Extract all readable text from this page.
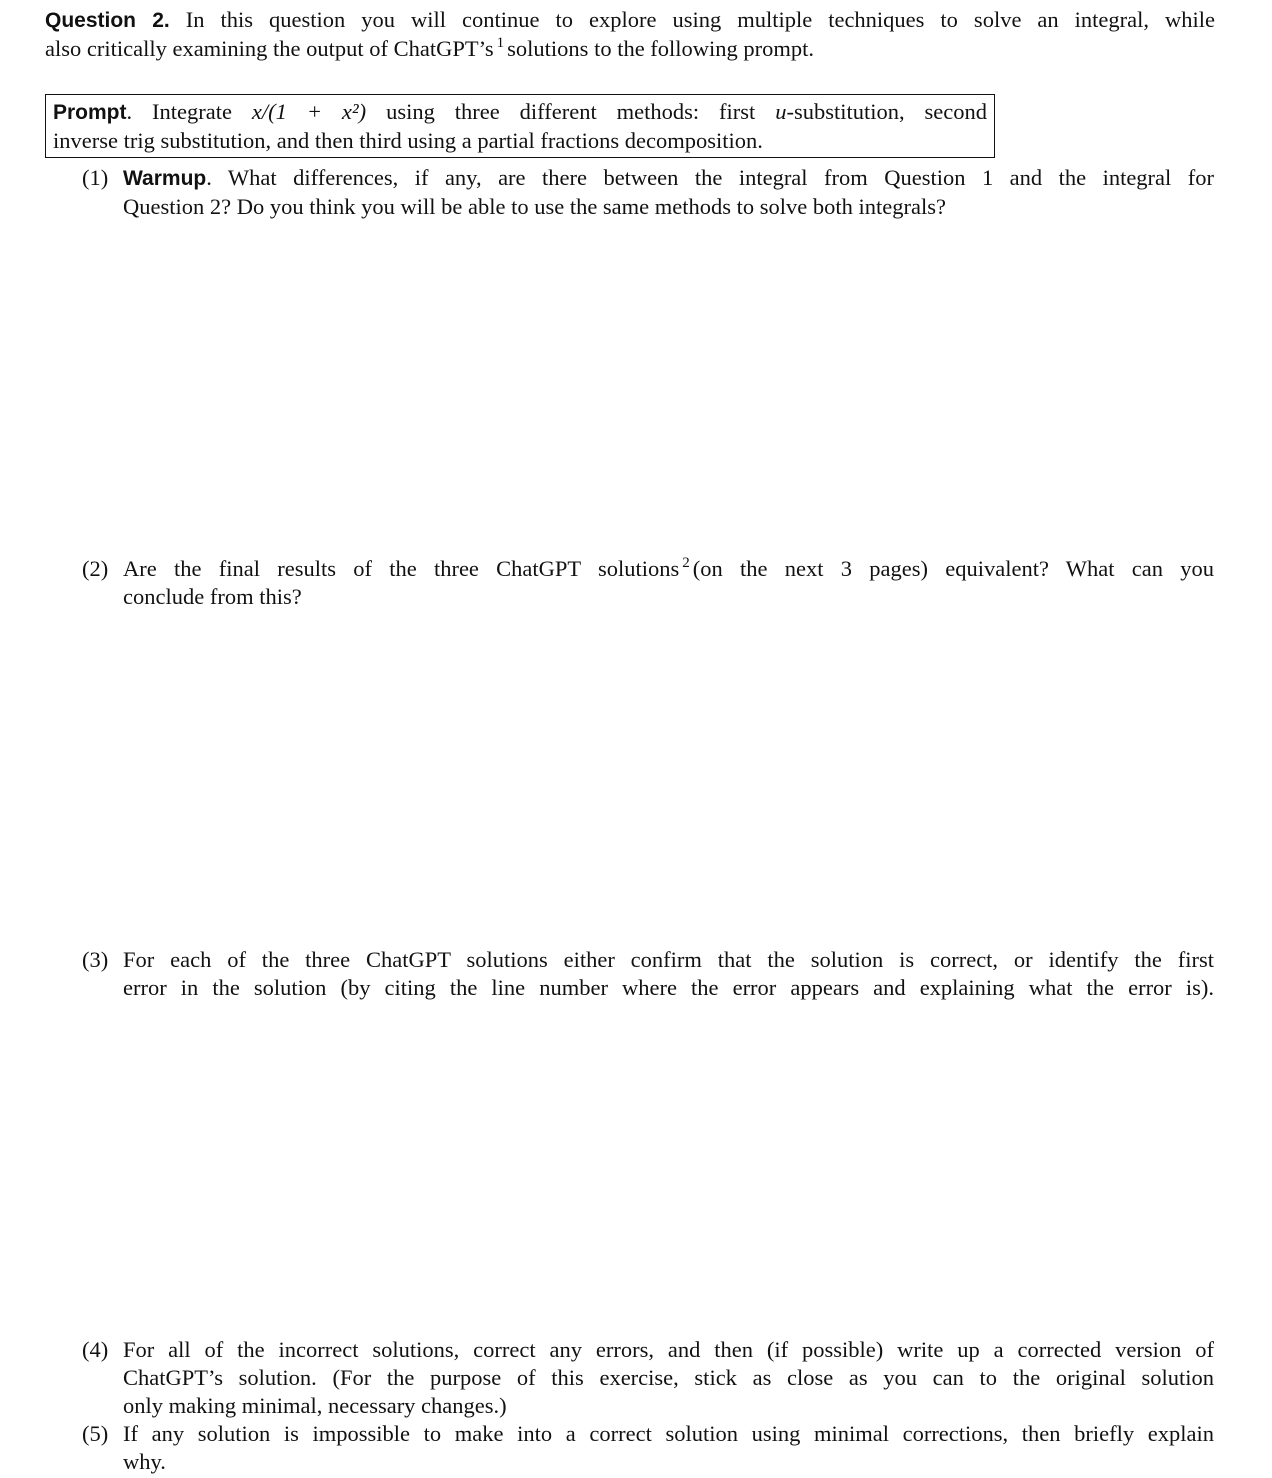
Question 2. In this question you will continue to explore using multiple techniques to solve an integral, while
also critically examining the output of ChatGPT’s $^1$ solutions to the following prompt.
Prompt. Integrate x/(1 + x²) using three different methods: first u-substitution, second
inverse trig substitution, and then third using a partial fractions decomposition.
(1) Warmup. What differences, if any, are there between the integral from Question 1 and the integral for
Question 2? Do you think you will be able to use the same methods to solve both integrals?
(2) Are the final results of the three ChatGPT solutions $^2$ (on the next 3 pages) equivalent? What can you
conclude from this?
(3) For each of the three ChatGPT solutions either confirm that the solution is correct, or identify the first
error in the solution (by citing the line number where the error appears and explaining what the error is).
(4) For all of the incorrect solutions, correct any errors, and then (if possible) write up a corrected version of
ChatGPT’s solution. (For the purpose of this exercise, stick as close as you can to the original solution
only making minimal, necessary changes.)
(5) If any solution is impossible to make into a correct solution using minimal corrections, then briefly explain
why.
